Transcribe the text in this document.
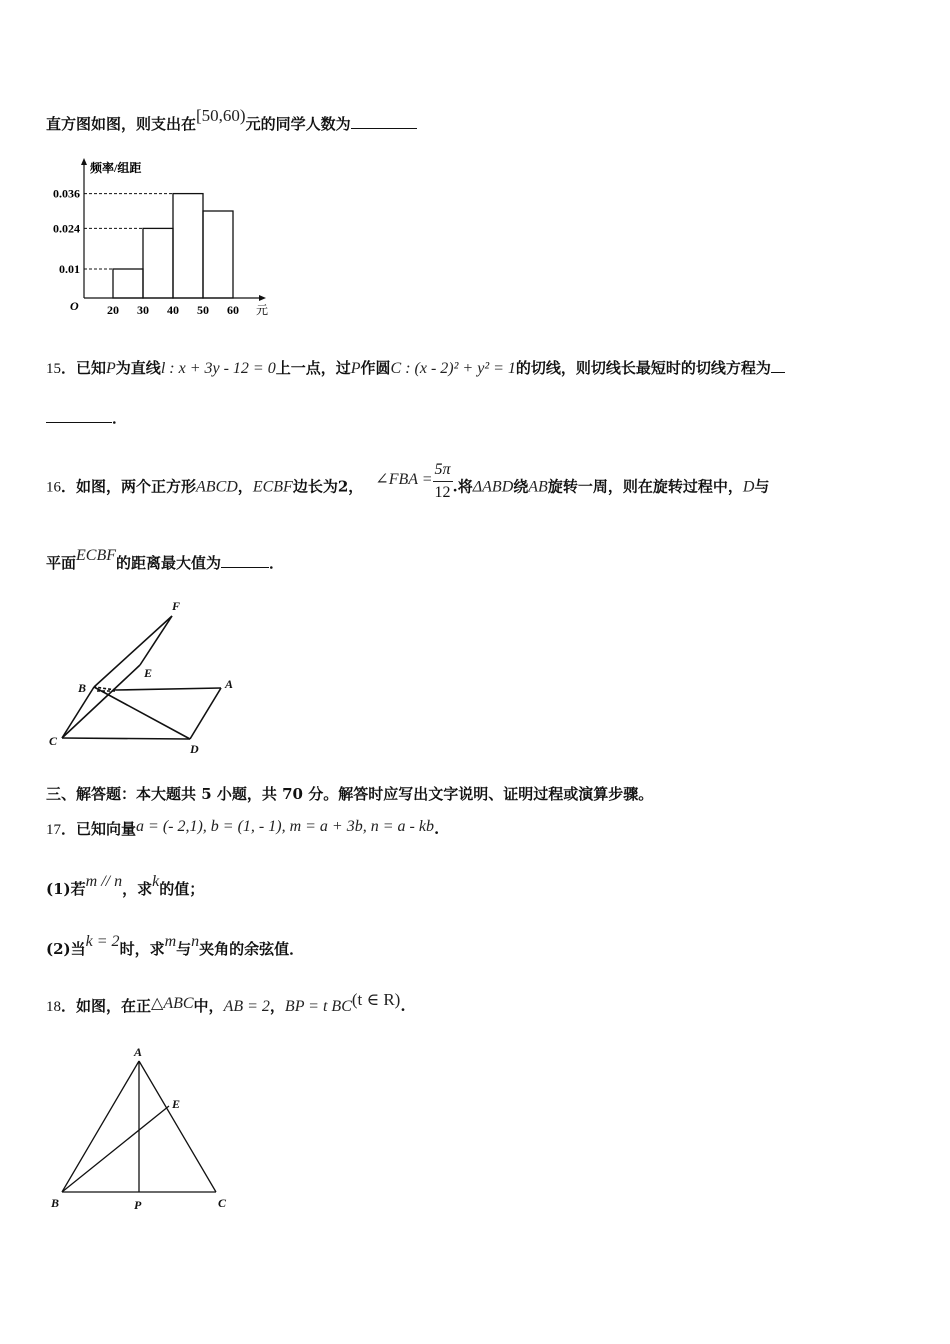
直方图如图，则支出在[50,60)元的同学人数为
频率/组距
元
O 20 30 40 50 60
0.036
0.024
0.01
15．已知P为直线l : x + 3y - 12 = 0上一点，过P作圆C : (x - 2)² + y² = 1的切线，则切线长最短时的切线方程为
．
16．如图，两个正方形ABCD，ECBF边长为2， ∠FBA = $\frac{5\pi}{12}$ .将ΔABD绕AB旋转一周，则在旋转过程中，D与
平面ECBF的距离最大值为	．
F
E
B	A
C
D
三、解答题：本大题共 5 小题，共 70 分。解答时应写出文字说明、证明过程或演算步骤。
17．已知向量a = (- 2,1), b = (1, - 1), m = a + 3b, n = a - kb.
(1)若m // n，求k的值；
(2)当k = 2时，求m与n夹角的余弦值．
18．如图，在正△ABC中，AB = 2，BP = t BC(t ∈ R).
A
E
B	P	C
